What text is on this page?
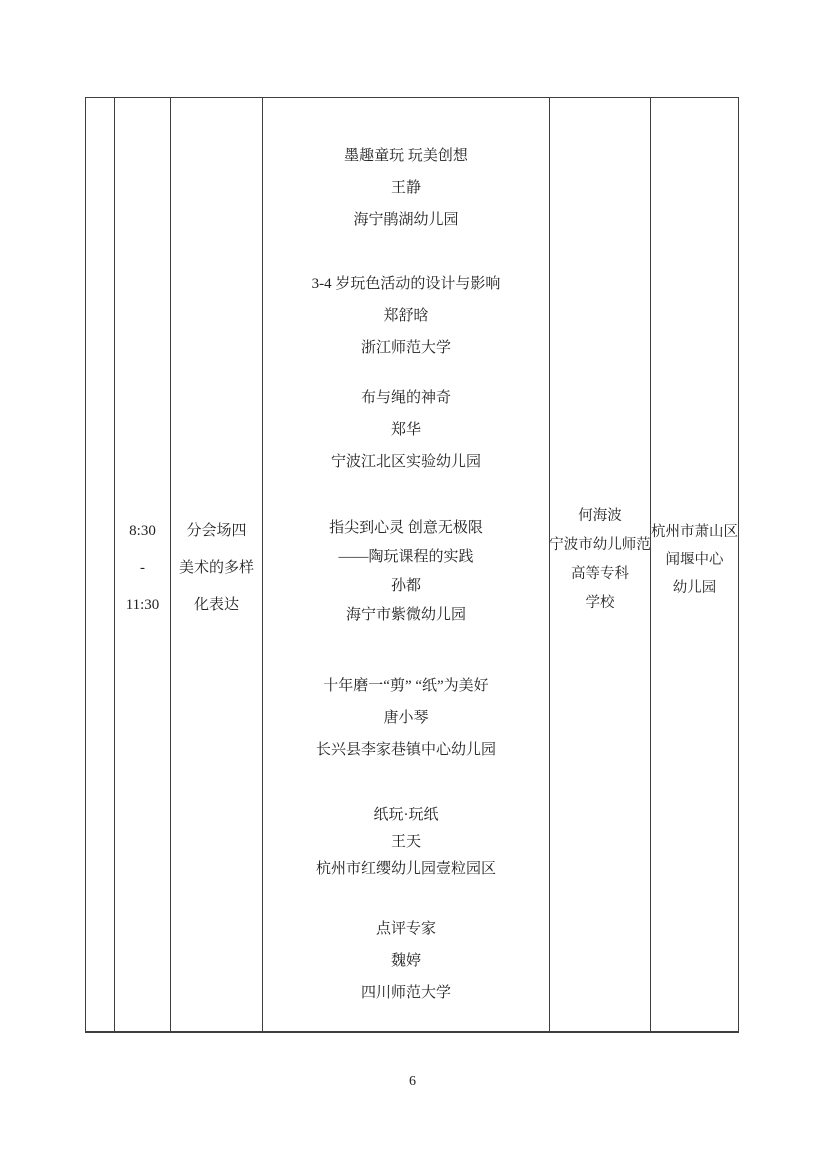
8:30
-
11:30
分会场四
美术的多样
化表达
墨趣童玩 玩美创想
王静
海宁鹃湖幼儿园
3-4 岁玩色活动的设计与影响
郑舒晗
浙江师范大学
布与绳的神奇
郑华
宁波江北区实验幼儿园
指尖到心灵 创意无极限
——陶玩课程的实践
孙都
海宁市紫微幼儿园
十年磨一“剪” “纸”为美好
唐小琴
长兴县李家巷镇中心幼儿园
纸玩·玩纸
王天
杭州市红缨幼儿园壹粒园区
点评专家
魏婷
四川师范大学
何海波
宁波市幼儿师范
高等专科
学校
杭州市萧山区
闻堰中心
幼儿园
6
